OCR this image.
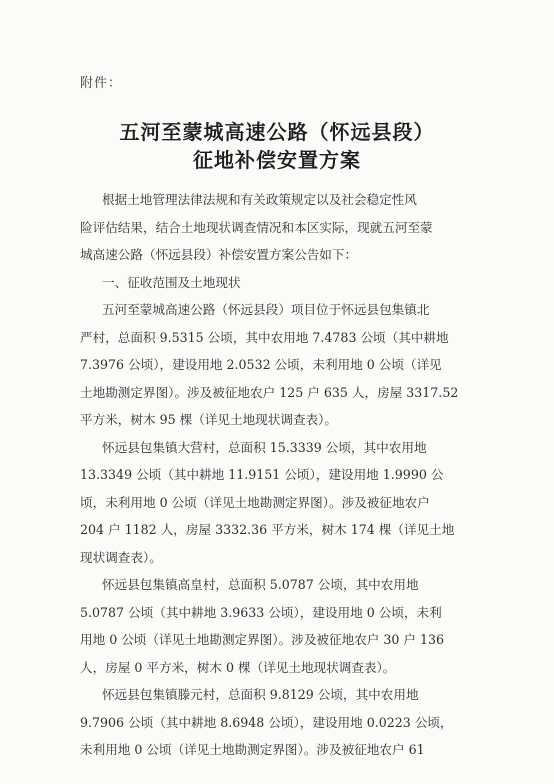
附件：
五河至蒙城高速公路（怀远县段）
征地补偿安置方案
根据土地管理法律法规和有关政策规定以及社会稳定性风
险评估结果，结合土地现状调查情况和本区实际，现就五河至蒙
城高速公路（怀远县段）补偿安置方案公告如下：
一、征收范围及土地现状
五河至蒙城高速公路（怀远县段）项目位于怀远县包集镇北
严村，总面积 9.5315 公顷，其中农用地 7.4783 公顷（其中耕地
7.3976 公顷），建设用地 2.0532 公顷，未利用地 0 公顷（详见
土地勘测定界图）。涉及被征地农户 125 户 635 人，房屋 3317.52
平方米，树木 95 棵（详见土地现状调查表）。
怀远县包集镇大营村，总面积 15.3339 公顷，其中农用地
13.3349 公顷（其中耕地 11.9151 公顷），建设用地 1.9990 公
顷，未利用地 0 公顷（详见土地勘测定界图）。涉及被征地农户
204 户 1182 人，房屋 3332.36 平方米，树木 174 棵（详见土地
现状调查表）。
怀远县包集镇高皇村，总面积 5.0787 公顷，其中农用地
5.0787 公顷（其中耕地 3.9633 公顷），建设用地 0 公顷，未利
用地 0 公顷（详见土地勘测定界图）。涉及被征地农户 30 户 136
人，房屋 0 平方米，树木 0 棵（详见土地现状调查表）。
怀远县包集镇滕元村，总面积 9.8129 公顷，其中农用地
9.7906 公顷（其中耕地 8.6948 公顷），建设用地 0.0223 公顷，
未利用地 0 公顷（详见土地勘测定界图）。涉及被征地农户 61
